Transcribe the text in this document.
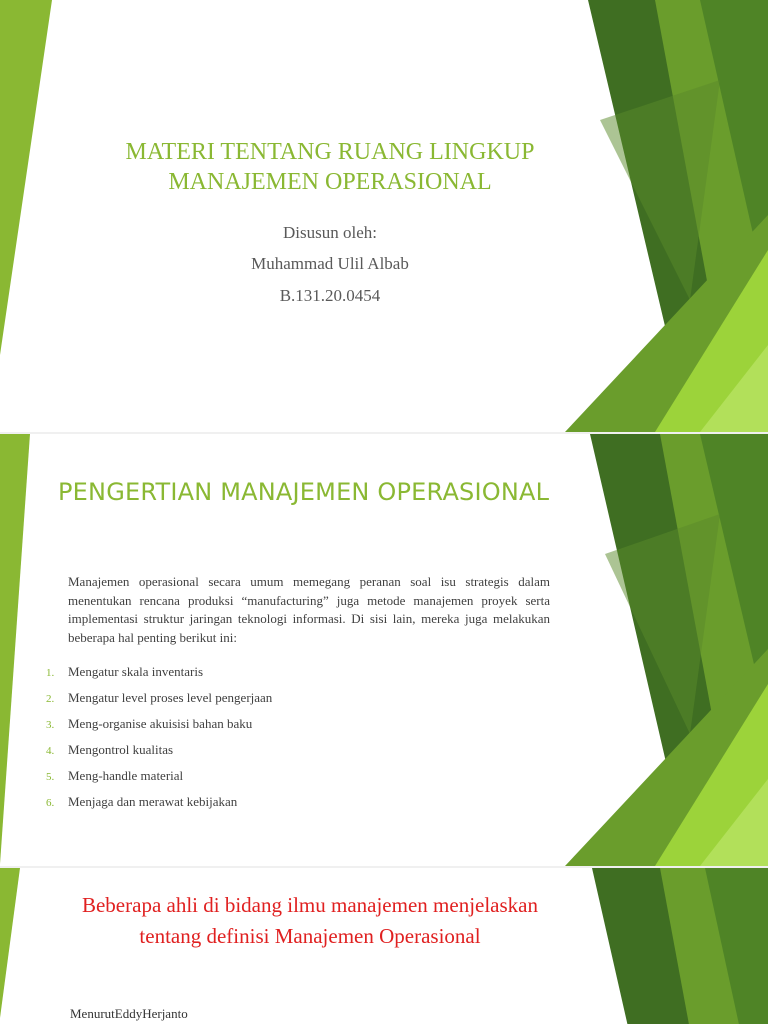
MATERI TENTANG RUANG LINGKUP MANAJEMEN OPERASIONAL
Disusun oleh:
Muhammad Ulil Albab
B.131.20.0454
PENGERTIAN MANAJEMEN OPERASIONAL
Manajemen operasional secara umum memegang peranan soal isu strategis dalam menentukan rencana produksi “manufacturing” juga metode manajemen proyek serta implementasi struktur jaringan teknologi informasi. Di sisi lain, mereka juga melakukan beberapa hal penting berikut ini:
1. Mengatur skala inventaris
2. Mengatur level proses level pengerjaan
3. Meng-organise akuisisi bahan baku
4. Mengontrol kualitas
5. Meng-handle material
6. Menjaga dan merawat kebijakan
Beberapa ahli di bidang ilmu manajemen menjelaskan tentang definisi Manajemen Operasional
MenurutEddyHerjanto
